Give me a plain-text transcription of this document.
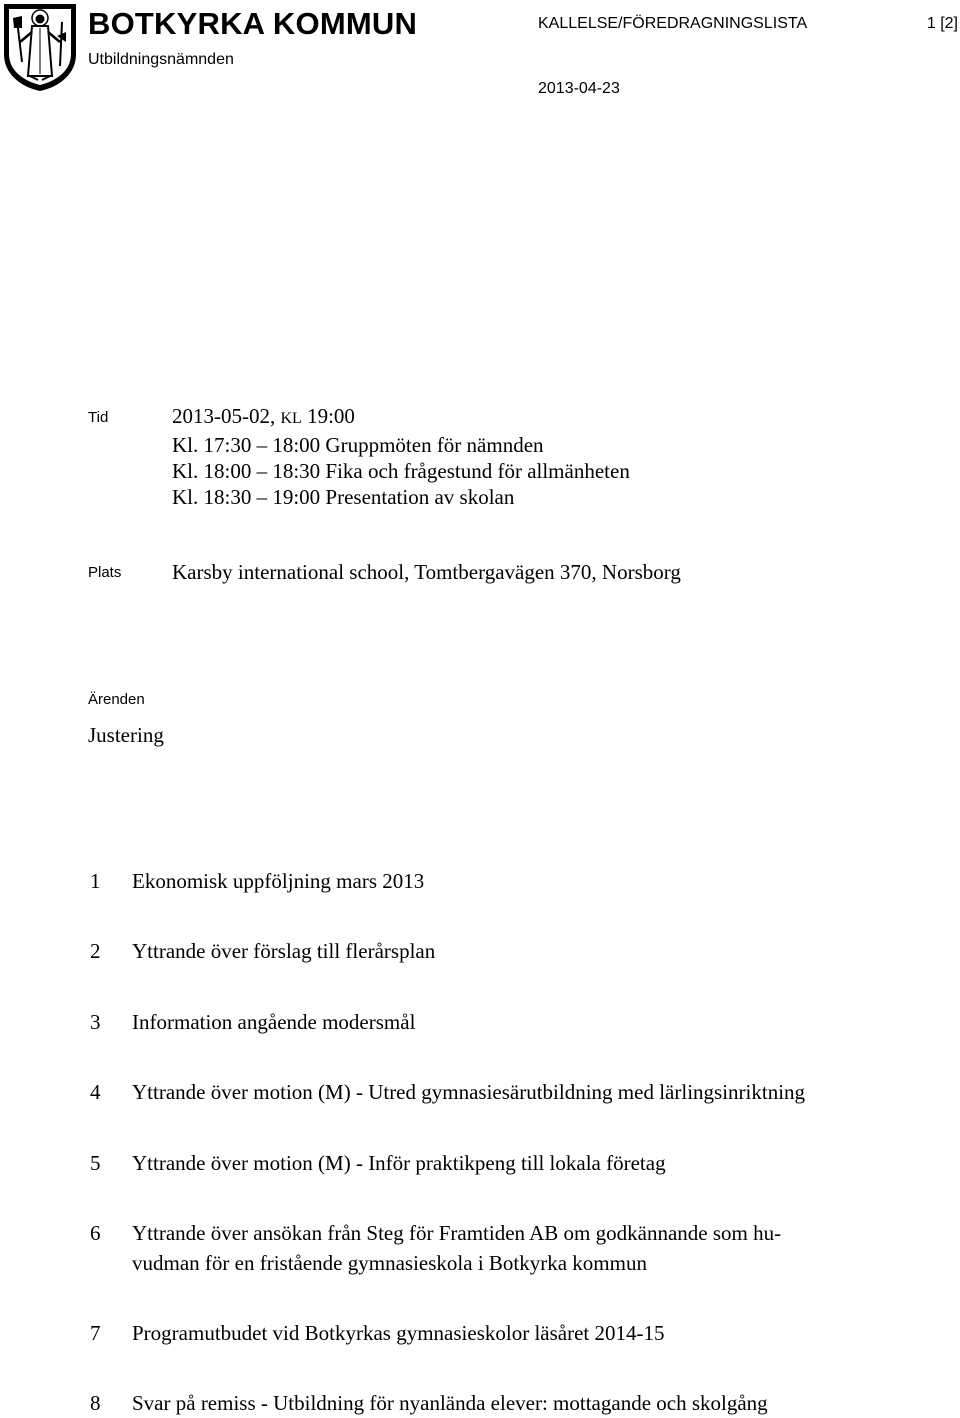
BOTKYRKA KOMMUN
Utbildningsnämnden
KALLELSE/FÖREDRAGNINGSLISTA	1 [2]
2013-04-23
Tid	2013-05-02, KL 19:00
Kl. 17:30 – 18:00 Gruppmöten för nämnden
Kl. 18:00 – 18:30 Fika och frågestund för allmänheten
Kl. 18:30 – 19:00 Presentation av skolan
Plats Karsby international school, Tomtbergavägen 370, Norsborg
Ärenden
Justering
1	Ekonomisk uppföljning mars 2013
2	Yttrande över förslag till flerårsplan
3	Information angående modersmål
4	Yttrande över motion (M) - Utred gymnasiesärutbildning med lärlingsinriktning
5	Yttrande över motion (M) - Inför praktikpeng till lokala företag
6	Yttrande över ansökan från Steg för Framtiden AB om godkännande som hu-
vudman för en fristående gymnasieskola i Botkyrka kommun
7	Programutbudet vid Botkyrkas gymnasieskolor läsåret 2014-15
8	Svar på remiss - Utbildning för nyanlända elever: mottagande och skolgång
